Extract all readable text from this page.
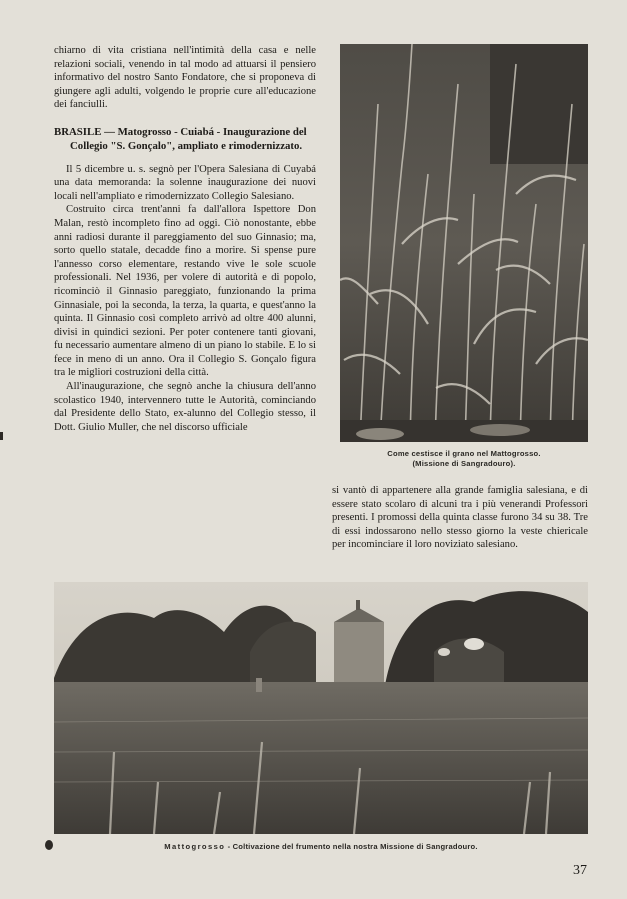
chiarno di vita cristiana nell'intimità della casa e nelle relazioni sociali, venendo in tal modo ad attuarsi il pensiero informativo del nostro Santo Fondatore, che si proponeva di giungere agli adulti, volgendo le proprie cure all'educazione dei fanciulli.

BRASILE — Matogrosso - Cuiabá - Inaugurazione del Collegio "S. Gonçalo", ampliato e rimodernizzato.

Il 5 dicembre u. s. segnò per l'Opera Salesiana di Cuyabá una data memoranda: la solenne inaugurazione dei nuovi locali nell'ampliato e rimodernizzato Collegio Salesiano.

Costruito circa trent'anni fa dall'allora Ispettore Don Malan, restò incompleto fino ad oggi. Ciò nonostante, ebbe anni radiosi durante il pareggiamento del suo Ginnasio; ma, sorto quello statale, decadde fino a morire. Si spense pure l'annesso corso elementare, restando vive le sole scuole professionali. Nel 1936, per volere di autorità e di popolo, ricominciò il Ginnasio pareggiato, funzionando la prima Ginnasiale, poi la seconda, la terza, la quarta, e quest'anno la quinta. Il Ginnasio così completo arrivò ad oltre 400 alunni, divisi in quindici sezioni. Per poter contenere tanti giovani, fu necessario aumentare almeno di un piano lo stabile. E lo si fece in meno di un anno. Ora il Collegio S. Gonçalo figura tra le migliori costruzioni della città.

All'inaugurazione, che segnò anche la chiusura dell'anno scolastico 1940, intervennero tutte le Autorità, cominciando dal Presidente dello Stato, ex-alunno del Collegio stesso, il Dott. Giulio Muller, che nel discorso ufficiale

Come cestisce il grano nel Mattogrosso.
(Missione di Sangradouro).

si vantò di appartenere alla grande famiglia salesiana, e di essere stato scolaro di alcuni tra i più venerandi Professori presenti. I promossi della quinta classe furono 34 su 38. Tre di essi indossarono nello stesso giorno la veste chiericale per incominciare il loro noviziato salesiano.

Mattogrosso - Coltivazione del frumento nella nostra Missione di Sangradouro.
37
